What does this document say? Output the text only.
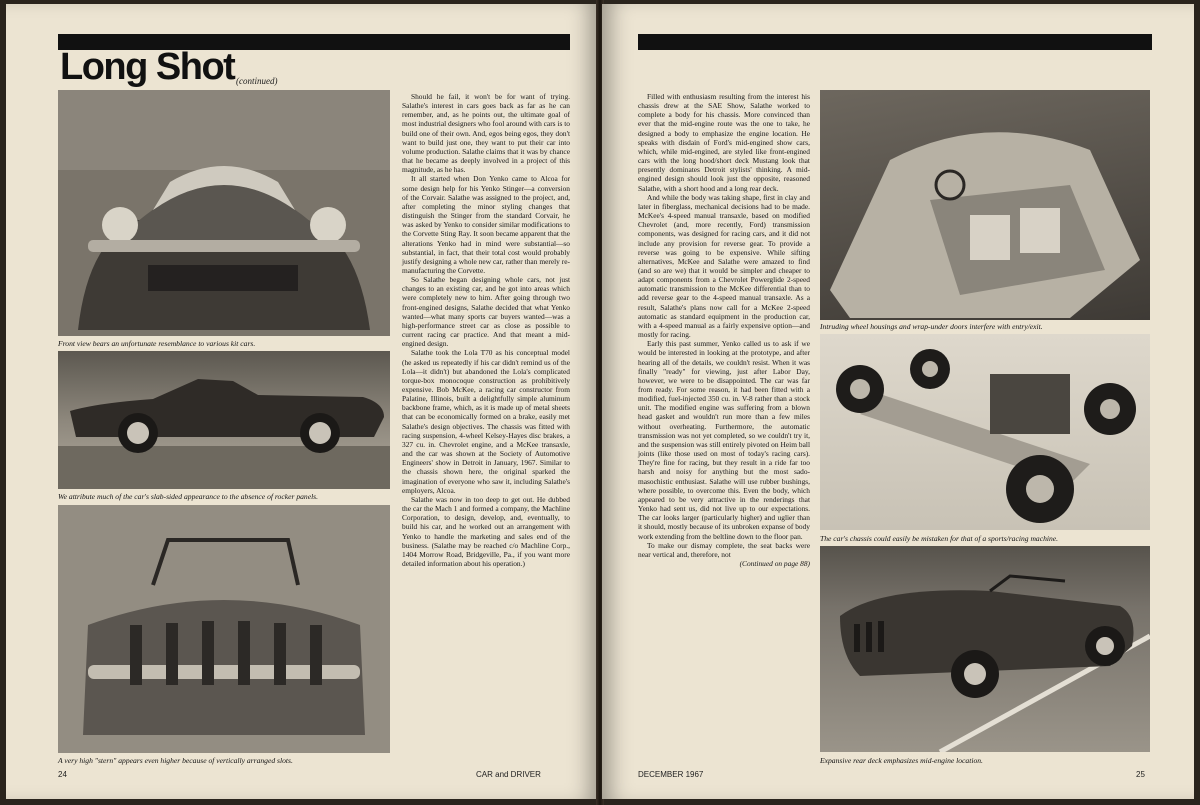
Long Shot (continued)
Front view bears an unfortunate resemblance to various kit cars.
We attribute much of the car's slab-sided appearance to the absence of rocker panels.
A very high "stern" appears even higher because of vertically arranged slots.

Should he fail, it won't be for want of trying. Salathe's interest in cars goes back as far as he can remember, and, as he points out, the ultimate goal of most industrial designers who fool around with cars is to build one of their own. And, egos being egos, they don't want to build just one, they want to put their car into volume production. Salathe claims that it was by chance that he became as deeply involved in a project of this magnitude, as he has.

It all started when Don Yenko came to Alcoa for some design help for his Yenko Stinger—a conversion of the Corvair. Salathe was assigned to the project, and, after completing the minor styling changes that distinguish the Stinger from the standard Corvair, he was asked by Yenko to consider similar modifications to the Corvette Sting Ray. It soon became apparent that the alterations Yenko had in mind were substantial—so substantial, in fact, that their total cost would probably justify designing a whole new car, rather than merely re-manufacturing the Corvette.

So Salathe began designing whole cars, not just changes to an existing car, and he got into areas which were completely new to him. After going through two front-engined designs, Salathe decided that what Yenko wanted—what many sports car buyers wanted—was a high-performance street car as close as possible to current racing car practice. And that meant a mid-engined design.

Salathe took the Lola T70 as his conceptual model (he asked us repeatedly if his car didn't remind us of the Lola—it didn't) but abandoned the Lola's complicated torque-box monocoque construction as prohibitively expensive. Bob McKee, a racing car constructor from Palatine, Illinois, built a delightfully simple aluminum backbone frame, which, as it is made up of metal sheets that can be economically formed on a brake, easily met Salathe's design objectives. The chassis was fitted with racing suspension, 4-wheel Kelsey-Hayes disc brakes, a 327 cu. in. Chevrolet engine, and a McKee transaxle, and the car was shown at the Society of Automotive Engineers' show in Detroit in January, 1967. Similar to the chassis shown here, the original sparked the imagination of everyone who saw it, including Salathe's employers, Alcoa.

Salathe was now in too deep to get out. He dubbed the car the Mach 1 and formed a company, the Machline Corporation, to design, develop, and, eventually, to build his car, and he worked out an arrangement with Yenko to handle the marketing and sales end of the business. (Salathe may be reached c/o Machline Corp., 1404 Morrow Road, Bridgeville, Pa., if you want more detailed information about his operation.)

24	CAR and DRIVER

Filled with enthusiasm resulting from the interest his chassis drew at the SAE Show, Salathe worked to complete a body for his chassis. More convinced than ever that the mid-engine route was the one to take, he designed a body to emphasize the engine location. He speaks with disdain of Ford's mid-engined show cars, which, while mid-engined, are styled like front-engined cars with the long hood/short deck Mustang look that presently dominates Detroit stylists' thinking. A mid-engined design should look just the opposite, reasoned Salathe, with a short hood and a long rear deck.

And while the body was taking shape, first in clay and later in fiberglass, mechanical decisions had to be made. McKee's 4-speed manual transaxle, based on modified Chevrolet (and, more recently, Ford) transmission components, was designed for racing cars, and it did not include any provision for reverse gear. To provide a reverse was going to be expensive. While sifting alternatives, McKee and Salathe were amazed to find (and so are we) that it would be simpler and cheaper to adapt components from a Chevrolet Powerglide 2-speed automatic transmission to the McKee differential than to add reverse gear to the 4-speed manual transaxle. As a result, Salathe's plans now call for a McKee 2-speed automatic as standard equipment in the production car, with a 4-speed manual as a fairly expensive option—and mostly for racing.

Early this past summer, Yenko called us to ask if we would be interested in looking at the prototype, and after hearing all of the details, we couldn't resist. When it was finally "ready" for viewing, just after Labor Day, however, we were to be disappointed. The car was far from ready. For some reason, it had been fitted with a modified, fuel-injected 350 cu. in. V-8 rather than a stock unit. The modified engine was suffering from a blown head gasket and wouldn't run more than a few miles without overheating. Furthermore, the automatic transmission was not yet completed, so we couldn't try it, and the suspension was still entirely pivoted on Heim ball joints (like those used on most of today's racing cars). They're fine for racing, but they result in a ride far too harsh and noisy for anything but the most sado-masochistic enthusiast. Salathe will use rubber bushings, where possible, to overcome this. Even the body, which appeared to be very attractive in the renderings that Yenko had sent us, did not live up to our expectations. The car looks larger (particularly higher) and uglier than it should, mostly because of its unbroken expanse of body work extending from the beltline down to the floor pan.

To make our dismay complete, the seat backs were near vertical and, therefore, not

(Continued on page 88)
Intruding wheel housings and wrap-under doors interfere with entry/exit.
The car's chassis could easily be mistaken for that of a sports/racing machine.
Expansive rear deck emphasizes mid-engine location.
DECEMBER 1967	25
